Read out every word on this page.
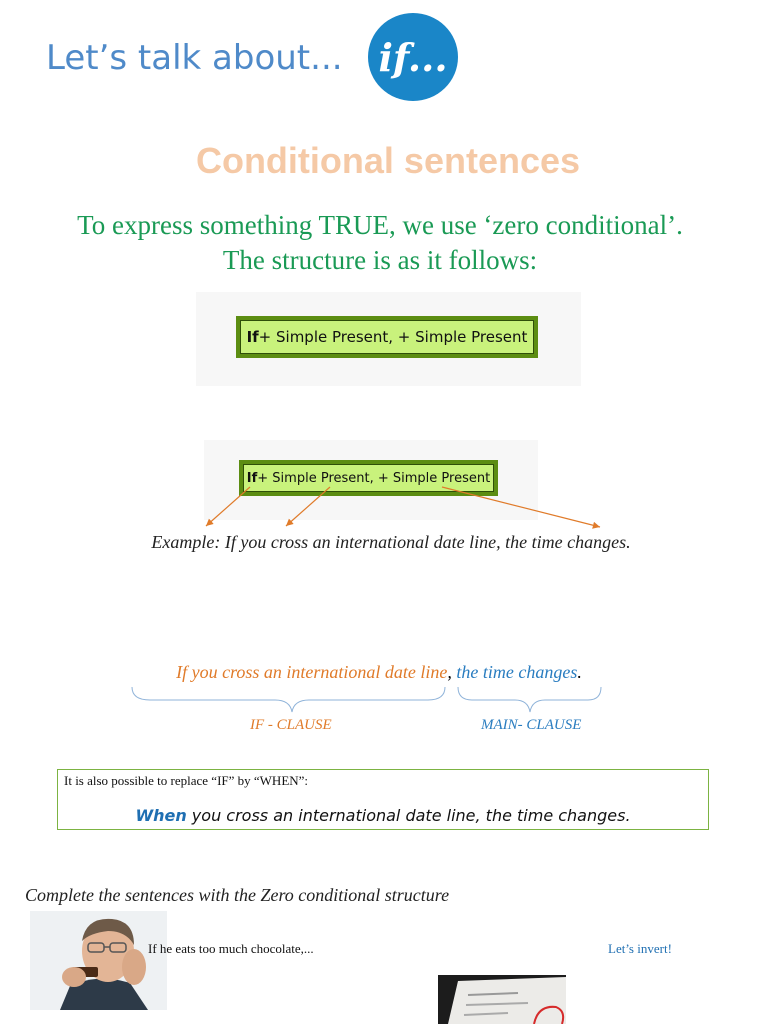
Let’s talk about... if...
Conditional sentences
To express something TRUE, we use ‘zero conditional’.
The structure is as it follows:
If + Simple Present, + Simple Present
If + Simple Present, + Simple Present
Example: If you cross an international date line, the time changes.
If you cross an international date line, the time changes.
IF - CLAUSE	MAIN- CLAUSE
It is also possible to replace “IF” by “WHEN”:
When you cross an international date line, the time changes.
Complete the sentences with the Zero conditional structure
If he eats too much chocolate,...	Let’s invert!
